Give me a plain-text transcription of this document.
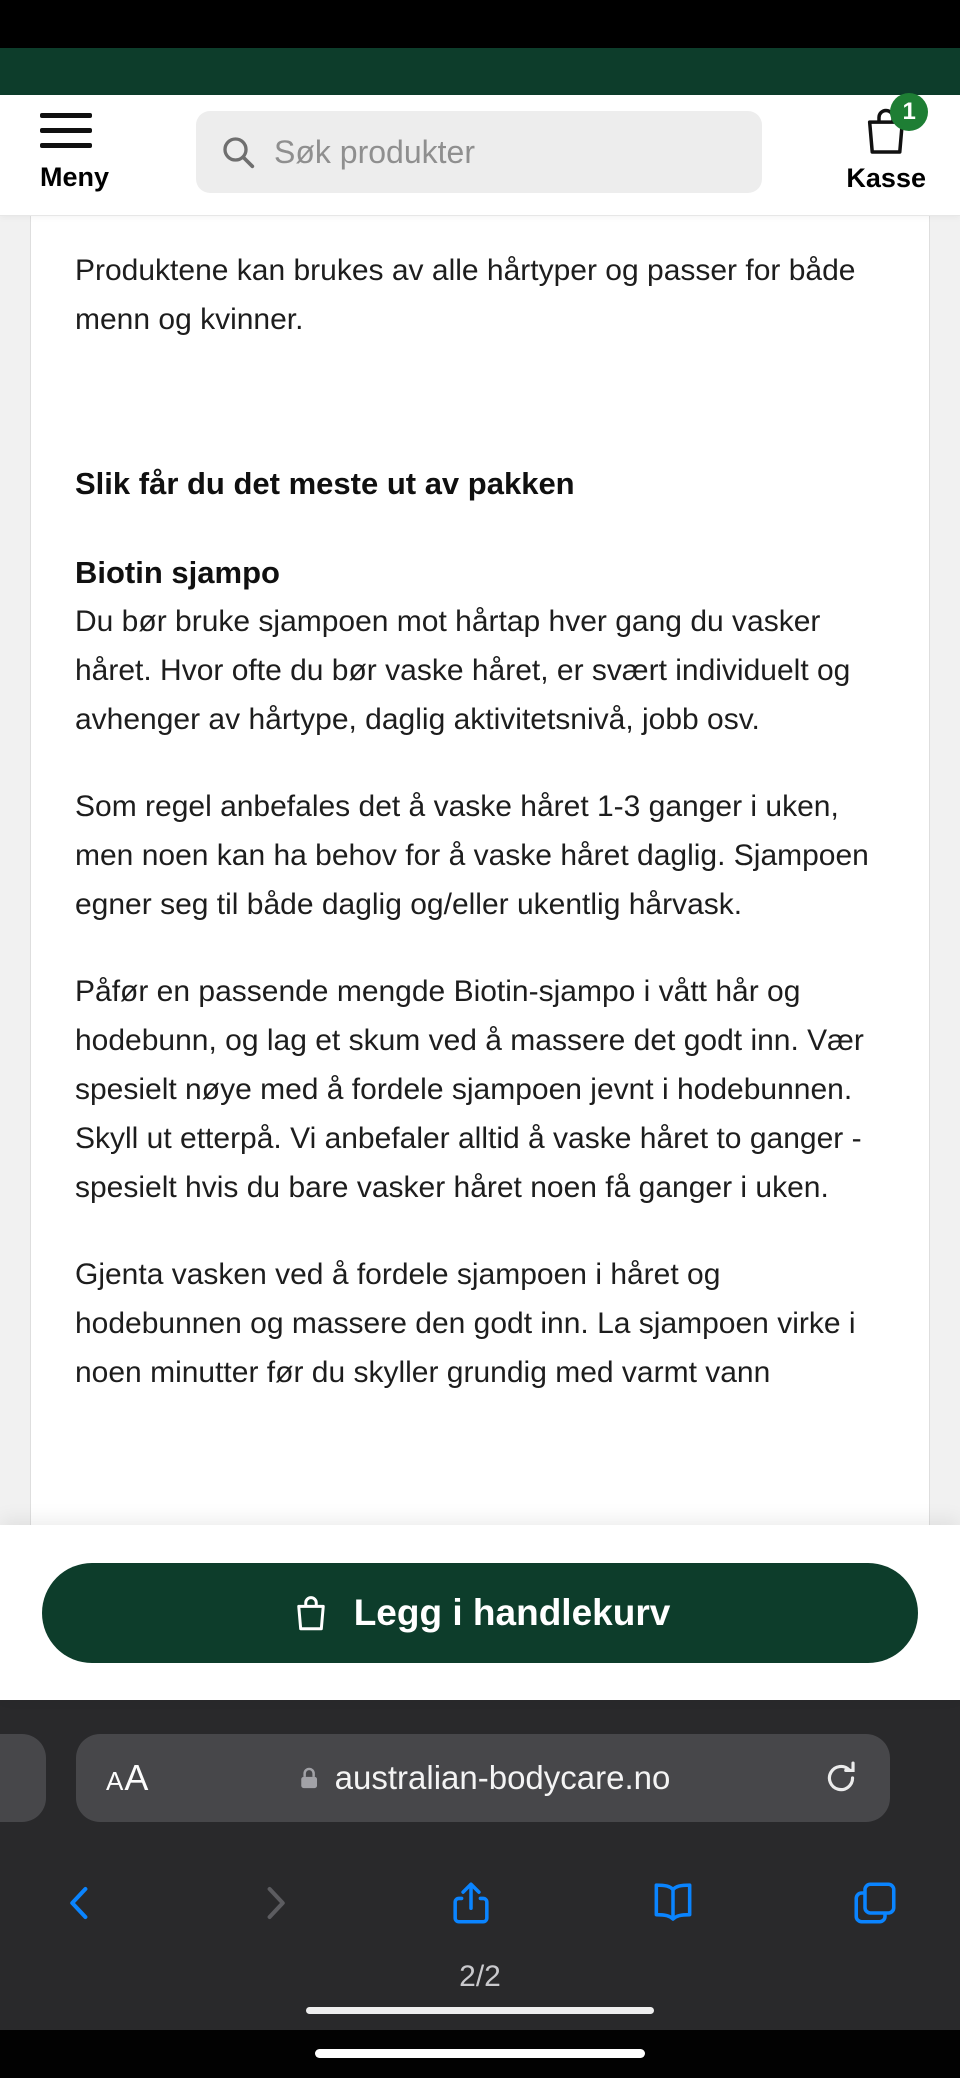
Meny
Søk produkter
1
Kasse

Produktene kan brukes av alle hårtyper og passer for både menn og kvinner.

Slik får du det meste ut av pakken
Biotin sjampo

Du bør bruke sjampoen mot hårtap hver gang du vasker håret. Hvor ofte du bør vaske håret, er svært individuelt og avhenger av hårtype, daglig aktivitetsnivå, jobb osv.

Som regel anbefales det å vaske håret 1-3 ganger i uken, men noen kan ha behov for å vaske håret daglig. Sjampoen egner seg til både daglig og/eller ukentlig hårvask.

Påfør en passende mengde Biotin-sjampo i vått hår og hodebunn, og lag et skum ved å massere det godt inn. Vær spesielt nøye med å fordele sjampoen jevnt i hodebunnen. Skyll ut etterpå. Vi anbefaler alltid å vaske håret to ganger - spesielt hvis du bare vasker håret noen få ganger i uken.

Gjenta vasken ved å fordele sjampoen i håret og hodebunnen og massere den godt inn. La sjampoen virke i noen minutter før du skyller grundig med varmt vann

Legg i handlekurv
A A	australian-bodycare.no
2/2
